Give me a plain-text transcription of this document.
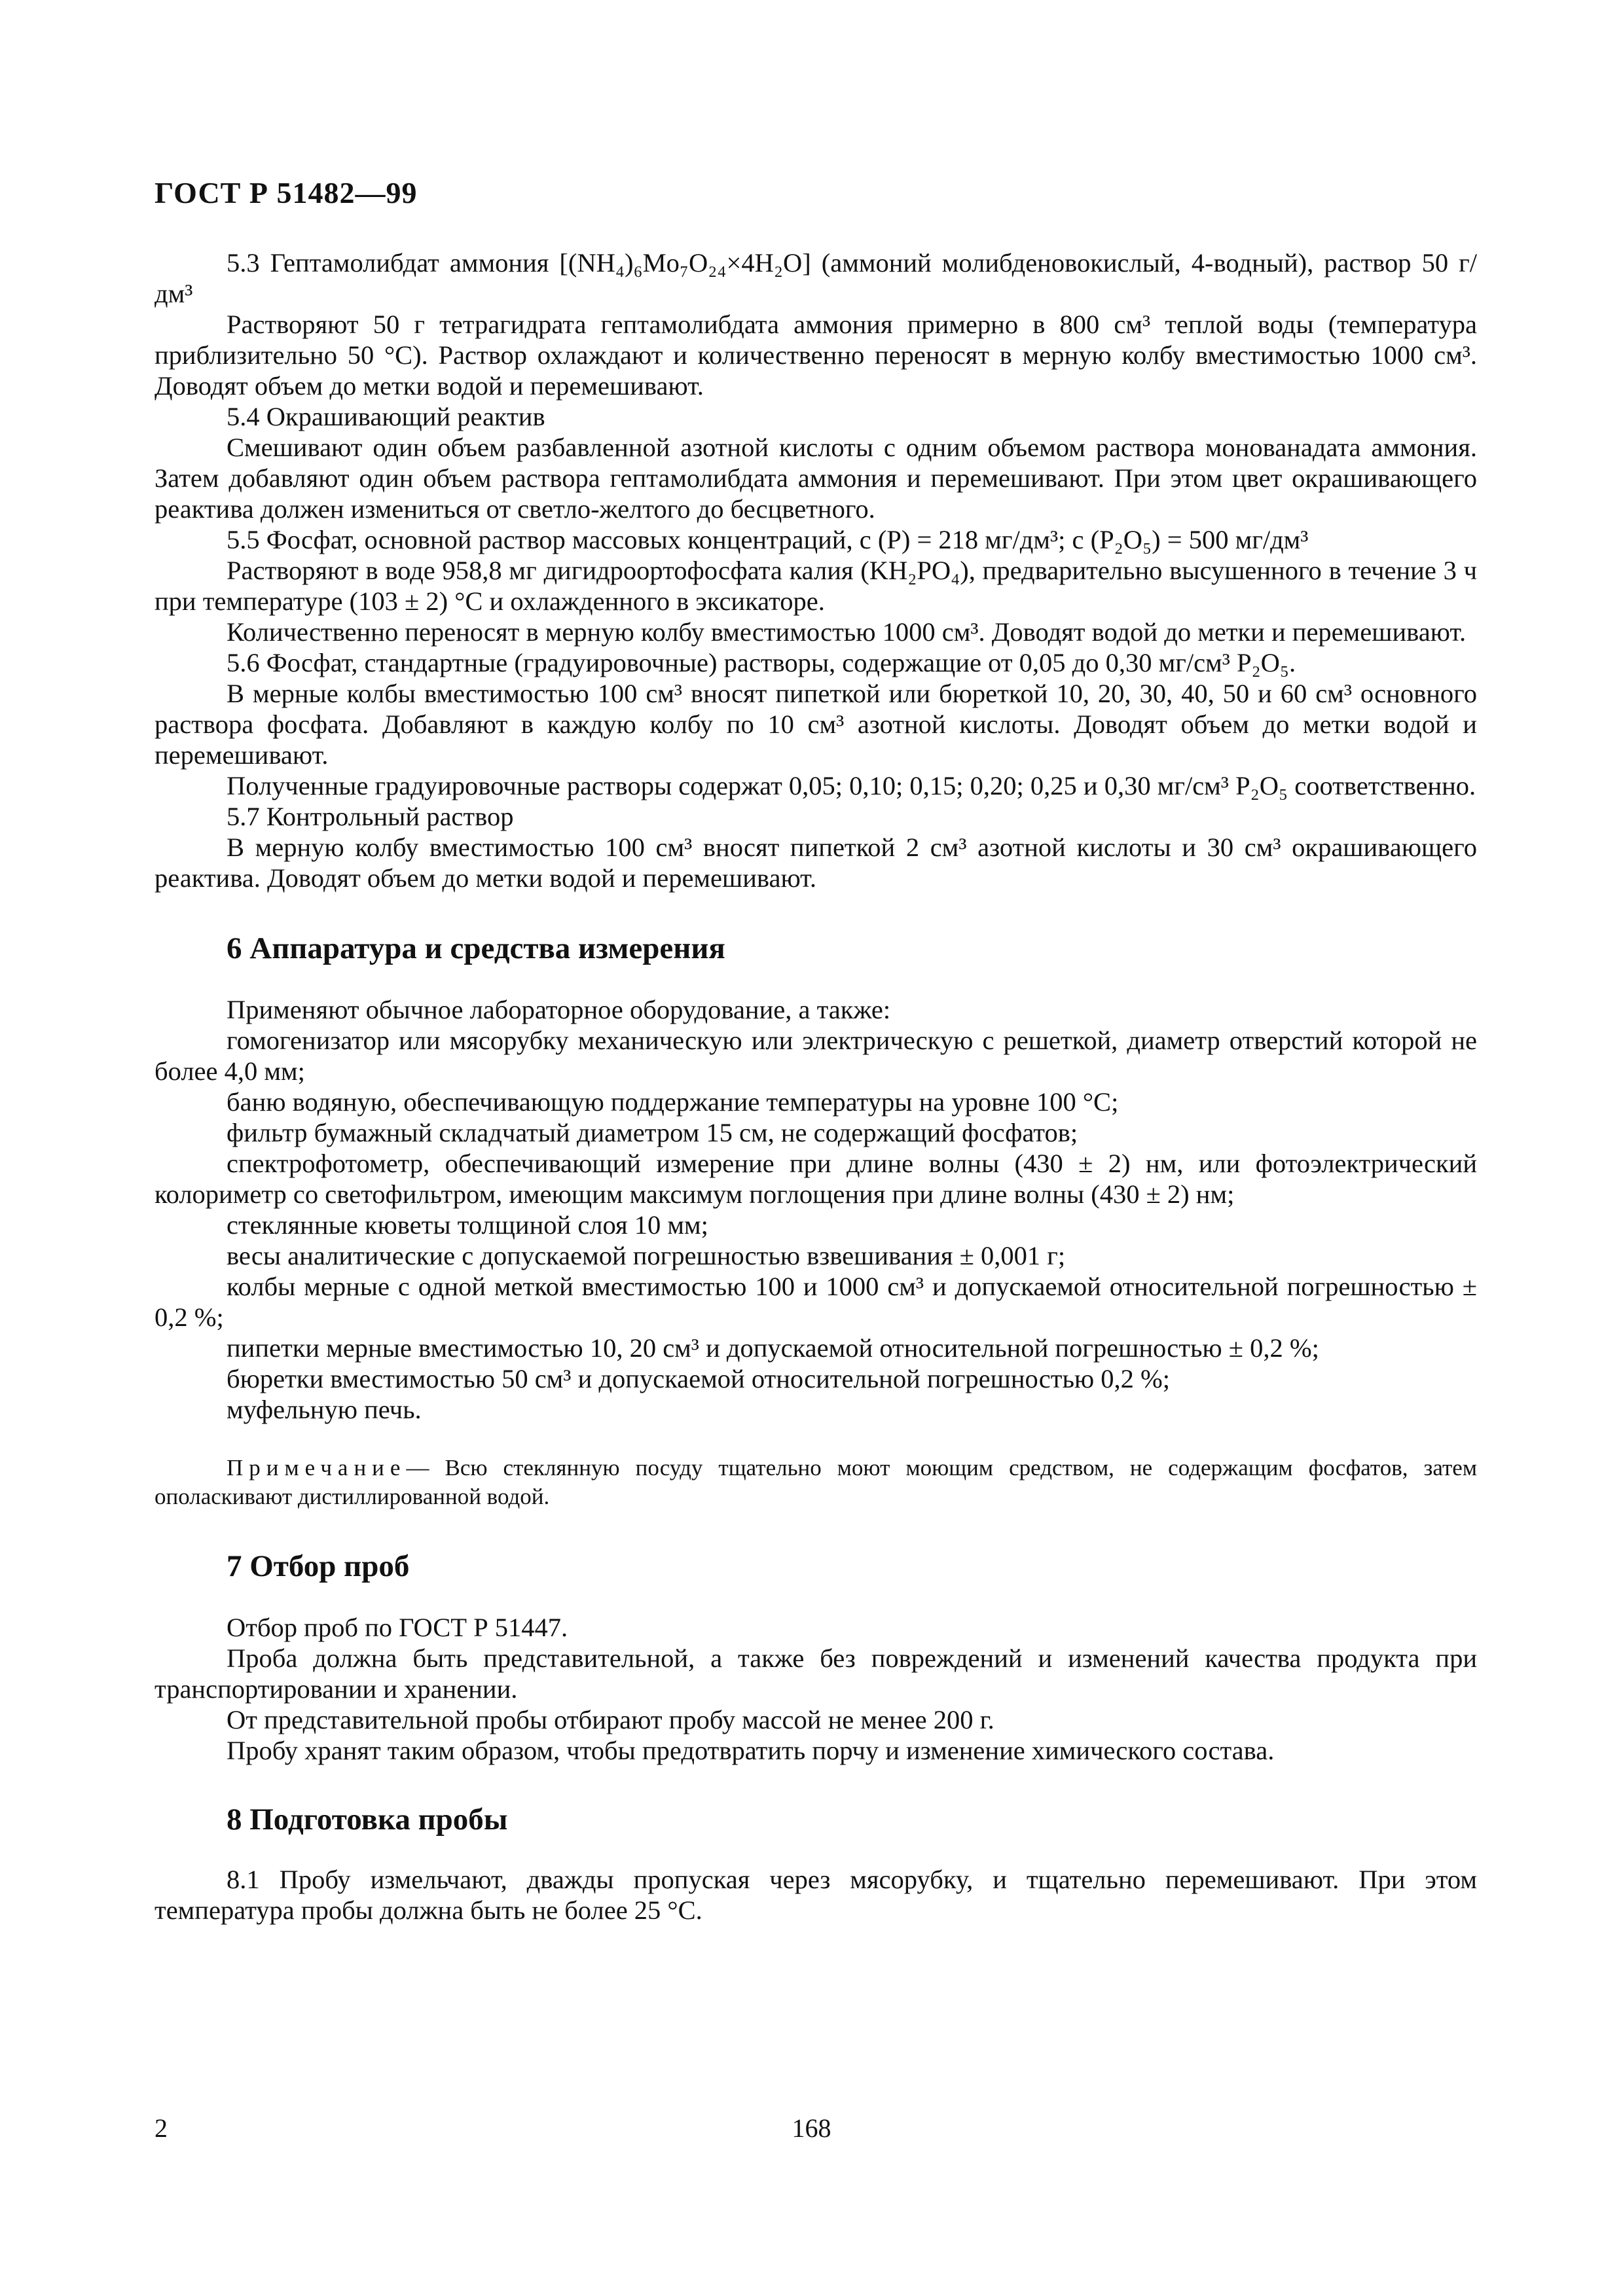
ГОСТ Р 51482—99

5.3 Гептамолибдат аммония [(NH₄)₆Mo₇O₂₄×4H₂O] (аммоний молибденовокислый, 4-водный), раствор 50 г/дм³

Растворяют 50 г тетрагидрата гептамолибдата аммония примерно в 800 см³ теплой воды (температура приблизительно 50 °С). Раствор охлаждают и количественно переносят в мерную колбу вместимостью 1000 см³. Доводят объем до метки водой и перемешивают.

5.4 Окрашивающий реактив

Смешивают один объем разбавленной азотной кислоты с одним объемом раствора монованадата аммония. Затем добавляют один объем раствора гептамолибдата аммония и перемешивают. При этом цвет окрашивающего реактива должен измениться от светло-желтого до бесцветного.

5.5 Фосфат, основной раствор массовых концентраций, c (P) = 218 мг/дм³; c (P₂O₅) = 500 мг/дм³

Растворяют в воде 958,8 мг дигидроортофосфата калия (KH₂PO₄), предварительно высушенного в течение 3 ч при температуре (103 ± 2) °С и охлажденного в эксикаторе.

Количественно переносят в мерную колбу вместимостью 1000 см³. Доводят водой до метки и перемешивают.

5.6 Фосфат, стандартные (градуировочные) растворы, содержащие от 0,05 до 0,30 мг/см³ P₂O₅.

В мерные колбы вместимостью 100 см³ вносят пипеткой или бюреткой 10, 20, 30, 40, 50 и 60 см³ основного раствора фосфата. Добавляют в каждую колбу по 10 см³ азотной кислоты. Доводят объем до метки водой и перемешивают.

Полученные градуировочные растворы содержат 0,05; 0,10; 0,15; 0,20; 0,25 и 0,30 мг/см³ P₂O₅ соответственно.

5.7 Контрольный раствор

В мерную колбу вместимостью 100 см³ вносят пипеткой 2 см³ азотной кислоты и 30 см³ окрашивающего реактива. Доводят объем до метки водой и перемешивают.

6 Аппаратура и средства измерения

Применяют обычное лабораторное оборудование, а также:

гомогенизатор или мясорубку механическую или электрическую с решеткой, диаметр отверстий которой не более 4,0 мм;

баню водяную, обеспечивающую поддержание температуры на уровне 100 °С;

фильтр бумажный складчатый диаметром 15 см, не содержащий фосфатов;

спектрофотометр, обеспечивающий измерение при длине волны (430 ± 2) нм, или фотоэлектрический колориметр со светофильтром, имеющим максимум поглощения при длине волны (430 ± 2) нм;

стеклянные кюветы толщиной слоя 10 мм;

весы аналитические с допускаемой погрешностью взвешивания ± 0,001 г;

колбы мерные с одной меткой вместимостью 100 и 1000 см³ и допускаемой относительной погрешностью ± 0,2 %;

пипетки мерные вместимостью 10, 20 см³ и допускаемой относительной погрешностью ± 0,2 %;

бюретки вместимостью 50 см³ и допускаемой относительной погрешностью 0,2 %;

муфельную печь.

Примечание— Всю стеклянную посуду тщательно моют моющим средством, не содержащим фосфатов, затем ополаскивают дистиллированной водой.

7 Отбор проб

Отбор проб по ГОСТ Р 51447.

Проба должна быть представительной, а также без повреждений и изменений качества продукта при транспортировании и хранении.

От представительной пробы отбирают пробу массой не менее 200 г.

Пробу хранят таким образом, чтобы предотвратить порчу и изменение химического состава.

8 Подготовка пробы

8.1 Пробу измельчают, дважды пропуская через мясорубку, и тщательно перемешивают. При этом температура пробы должна быть не более 25 °С.

2	168
